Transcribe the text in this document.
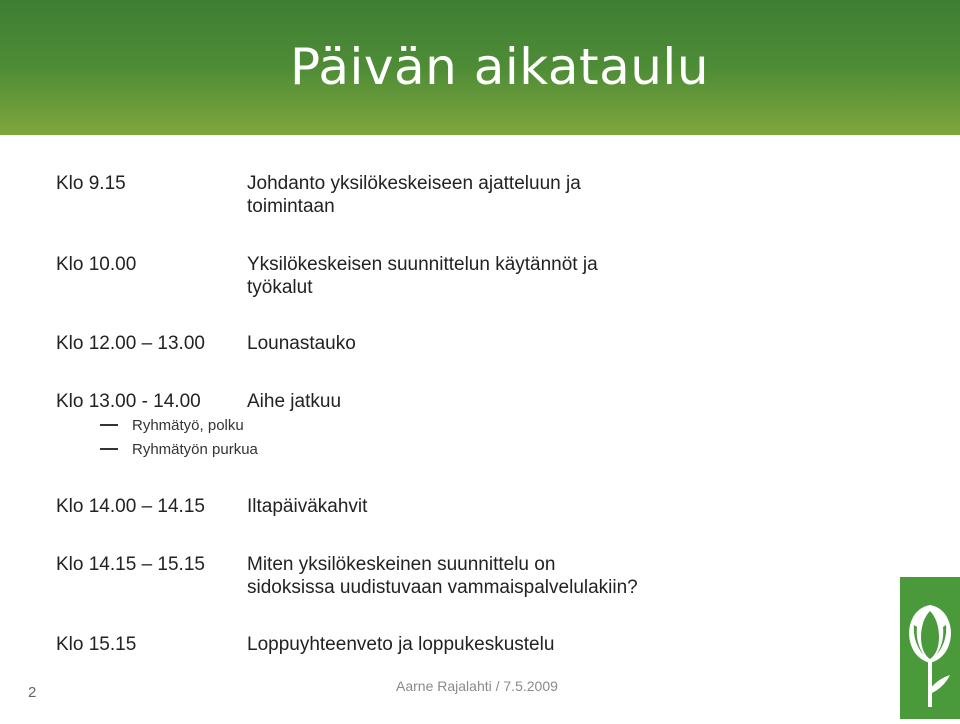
Päivän aikataulu
Klo 9.15	Johdanto yksilökeskeiseen ajatteluun ja
toimintaan
Klo 10.00	Yksilökeskeisen suunnittelun käytännöt ja
työkalut
Klo 12.00 – 13.00 Lounastauko
Klo 13.00 - 14.00 Aihe jatkuu
Ryhmätyö, polku
Ryhmätyön purkua
Klo 14.00 – 14.15 Iltapäiväkahvit
Klo 14.15 – 15.15 Miten yksilökeskeinen suunnittelu on
sidoksissa uudistuvaan vammaispalvelulakiin?
Klo 15.15	Loppuyhteenveto ja loppukeskustelu
2	Aarne Rajalahti / 7.5.2009
